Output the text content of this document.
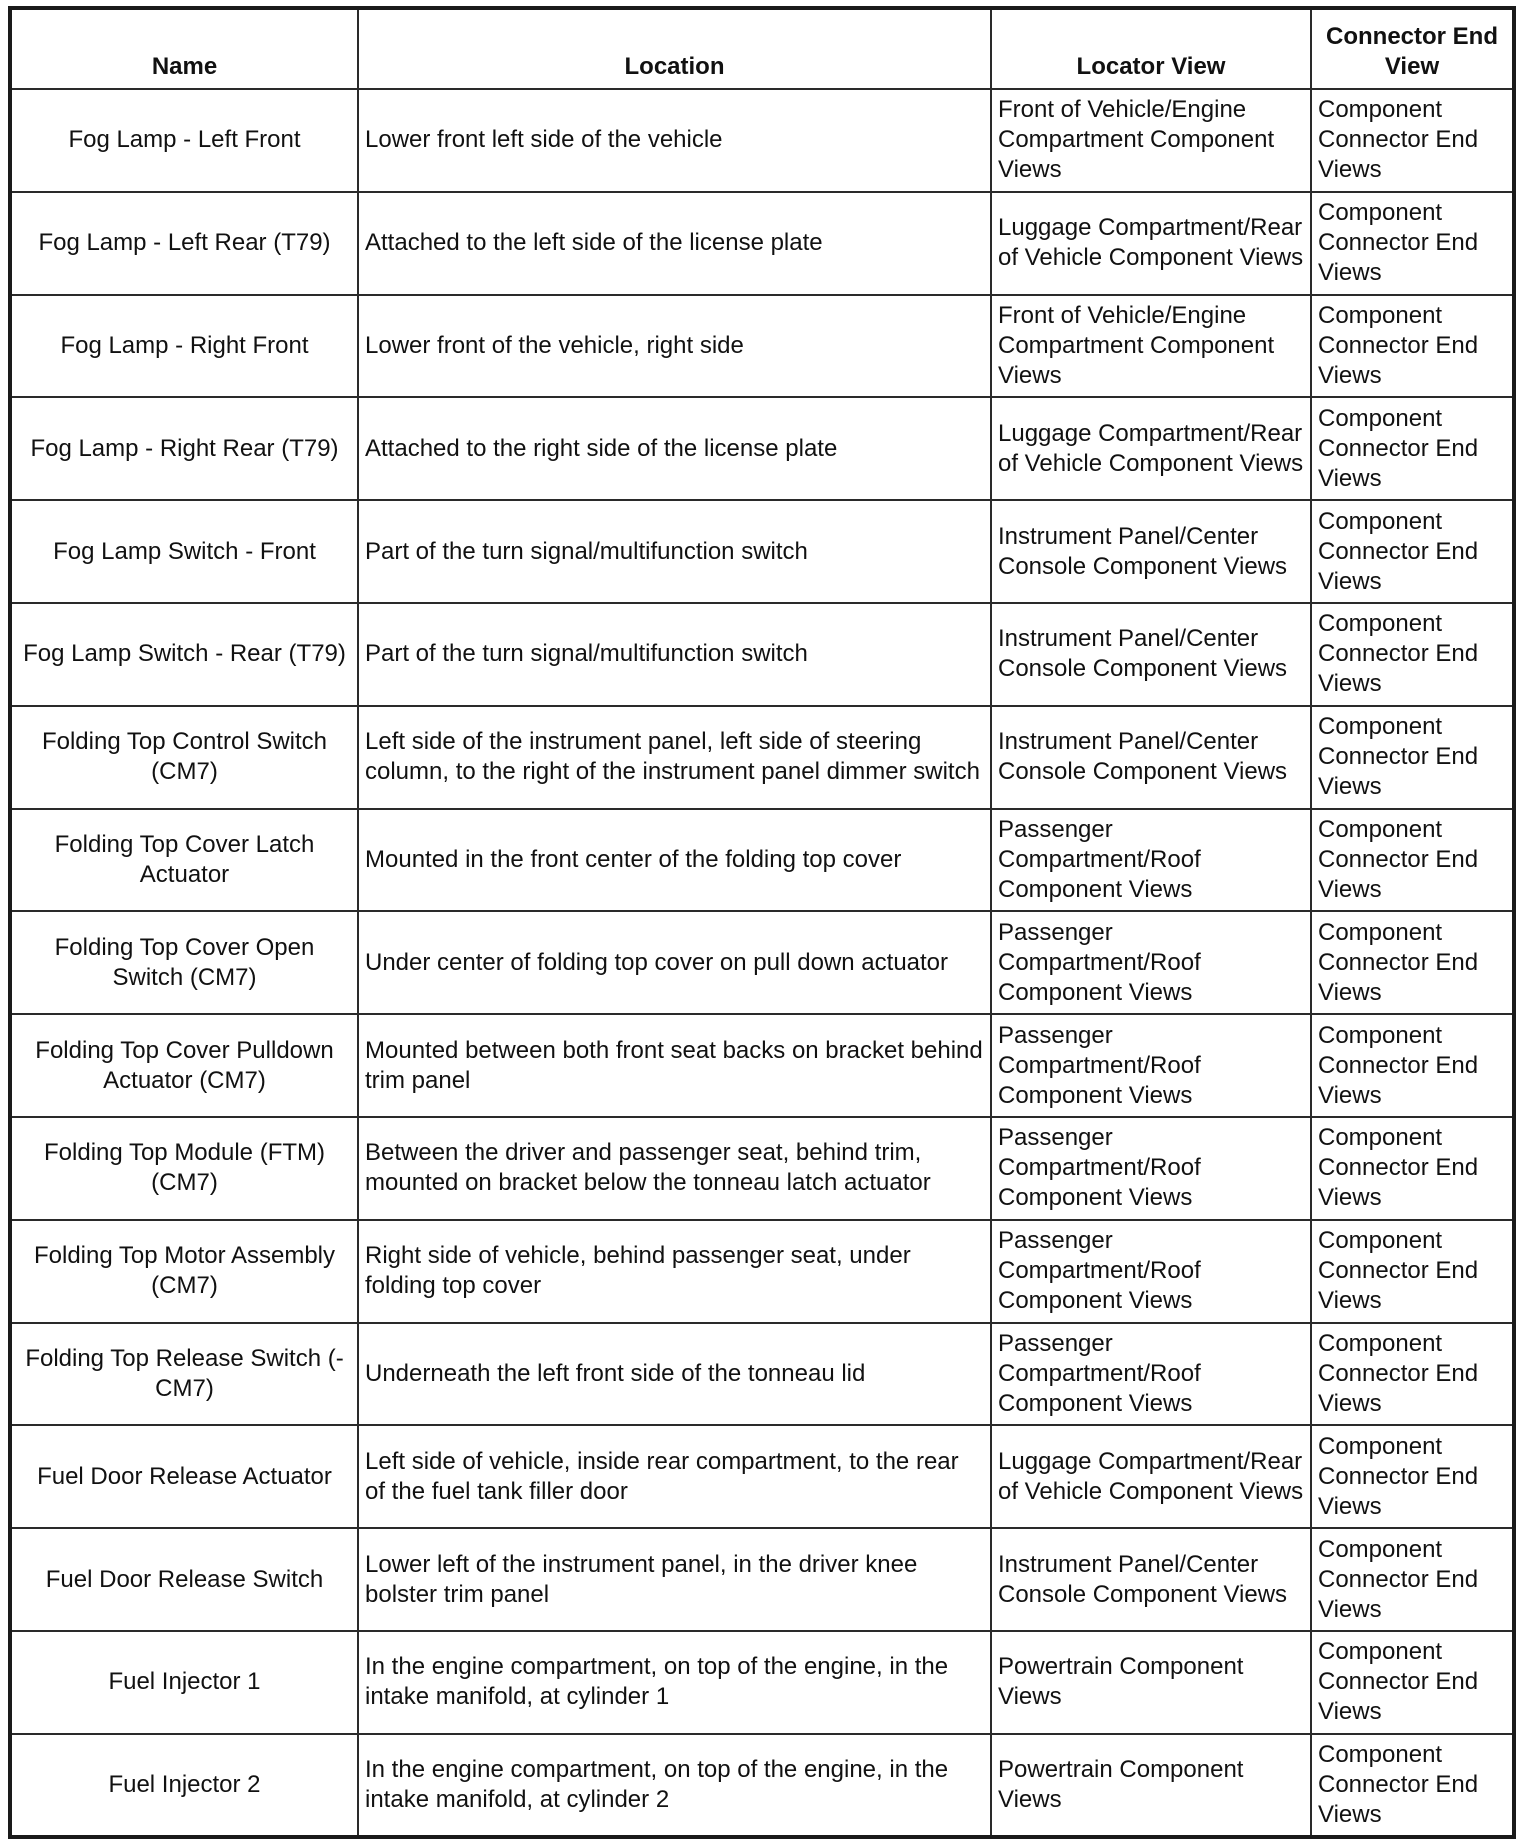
Name	Location	Locator View	Connector End View
Fog Lamp - Left Front	Lower front left side of the vehicle	Front of Vehicle/Engine Compartment Component Views	Component Connector End Views
Fog Lamp - Left Rear (T79)	Attached to the left side of the license plate	Luggage Compartment/Rear of Vehicle Component Views	Component Connector End Views
Fog Lamp - Right Front	Lower front of the vehicle, right side	Front of Vehicle/Engine Compartment Component Views	Component Connector End Views
Fog Lamp - Right Rear (T79)	Attached to the right side of the license plate	Luggage Compartment/Rear of Vehicle Component Views	Component Connector End Views
Fog Lamp Switch - Front	Part of the turn signal/multifunction switch	Instrument Panel/Center Console Component Views	Component Connector End Views
Fog Lamp Switch - Rear (T79)	Part of the turn signal/multifunction switch	Instrument Panel/Center Console Component Views	Component Connector End Views
Folding Top Control Switch (CM7)	Left side of the instrument panel, left side of steering column, to the right of the instrument panel dimmer switch	Instrument Panel/Center Console Component Views	Component Connector End Views
Folding Top Cover Latch Actuator	Mounted in the front center of the folding top cover	Passenger Compartment/Roof Component Views	Component Connector End Views
Folding Top Cover Open Switch (CM7)	Under center of folding top cover on pull down actuator	Passenger Compartment/Roof Component Views	Component Connector End Views
Folding Top Cover Pulldown Actuator (CM7)	Mounted between both front seat backs on bracket behind trim panel	Passenger Compartment/Roof Component Views	Component Connector End Views
Folding Top Module (FTM) (CM7)	Between the driver and passenger seat, behind trim, mounted on bracket below the tonneau latch actuator	Passenger Compartment/Roof Component Views	Component Connector End Views
Folding Top Motor Assembly (CM7)	Right side of vehicle, behind passenger seat, under folding top cover	Passenger Compartment/Roof Component Views	Component Connector End Views
Folding Top Release Switch (-CM7)	Underneath the left front side of the tonneau lid	Passenger Compartment/Roof Component Views	Component Connector End Views
Fuel Door Release Actuator	Left side of vehicle, inside rear compartment, to the rear of the fuel tank filler door	Luggage Compartment/Rear of Vehicle Component Views	Component Connector End Views
Fuel Door Release Switch	Lower left of the instrument panel, in the driver knee bolster trim panel	Instrument Panel/Center Console Component Views	Component Connector End Views
Fuel Injector 1	In the engine compartment, on top of the engine, in the intake manifold, at cylinder 1	Powertrain Component Views	Component Connector End Views
Fuel Injector 2	In the engine compartment, on top of the engine, in the intake manifold, at cylinder 2	Powertrain Component Views	Component Connector End Views
